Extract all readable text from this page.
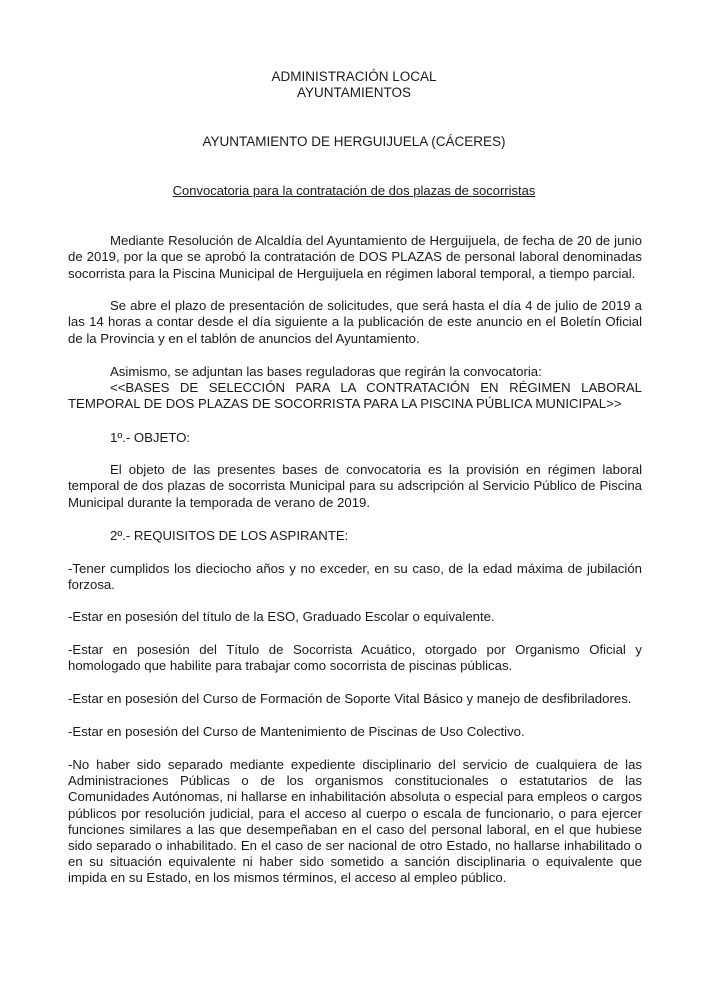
ADMINISTRACIÓN LOCAL

AYUNTAMIENTOS

AYUNTAMIENTO DE HERGUIJUELA (CÁCERES)

Convocatoria para la contratación de dos plazas de socorristas

Mediante Resolución de Alcaldía del Ayuntamiento de Herguijuela, de fecha de 20 de junio de 2019, por la que se aprobó la contratación de DOS PLAZAS de personal laboral denominadas socorrista para la Piscina Municipal de Herguijuela en régimen laboral temporal, a tiempo parcial.

Se abre el plazo de presentación de solicitudes, que será hasta el día 4 de julio de 2019 a las 14 horas a contar desde el día siguiente a la publicación de este anuncio en el Boletín Oficial de la Provincia y en el tablón de anuncios del Ayuntamiento.

Asimismo, se adjuntan las bases reguladoras que regirán la convocatoria:

<<BASES DE SELECCIÓN PARA LA CONTRATACIÓN EN RÉGIMEN LABORAL TEMPORAL DE DOS PLAZAS DE SOCORRISTA PARA LA PISCINA PÚBLICA MUNICIPAL>>

1º.- OBJETO:

El objeto de las presentes bases de convocatoria es la provisión en régimen laboral temporal de dos plazas de socorrista Municipal para su adscripción al Servicio Público de Piscina Municipal durante la temporada de verano de 2019.

2º.- REQUISITOS DE LOS ASPIRANTE:

-Tener cumplidos los dieciocho años y no exceder, en su caso, de la edad máxima de jubilación forzosa.

-Estar en posesión del título de la ESO, Graduado Escolar o equivalente.

-Estar en posesión del Título de Socorrista Acuático, otorgado por Organismo Oficial y homologado que habilite para trabajar como socorrista de piscinas públicas.

-Estar en posesión del Curso de Formación de Soporte Vital Básico y manejo de desfibriladores.

-Estar en posesión del Curso de Mantenimiento de Piscinas de Uso Colectivo.

-No haber sido separado mediante expediente disciplinario del servicio de cualquiera de las Administraciones Públicas o de los organismos constitucionales o estatutarios de las Comunidades Autónomas, ni hallarse en inhabilitación absoluta o especial para empleos o cargos públicos por resolución judicial, para el acceso al cuerpo o escala de funcionario, o para ejercer funciones similares a las que desempeñaban en el caso del personal laboral, en el que hubiese sido separado o inhabilitado. En el caso de ser nacional de otro Estado, no hallarse inhabilitado o en su situación equivalente ni haber sido sometido a sanción disciplinaria o equivalente que impida en su Estado, en los mismos términos, el acceso al empleo público.
